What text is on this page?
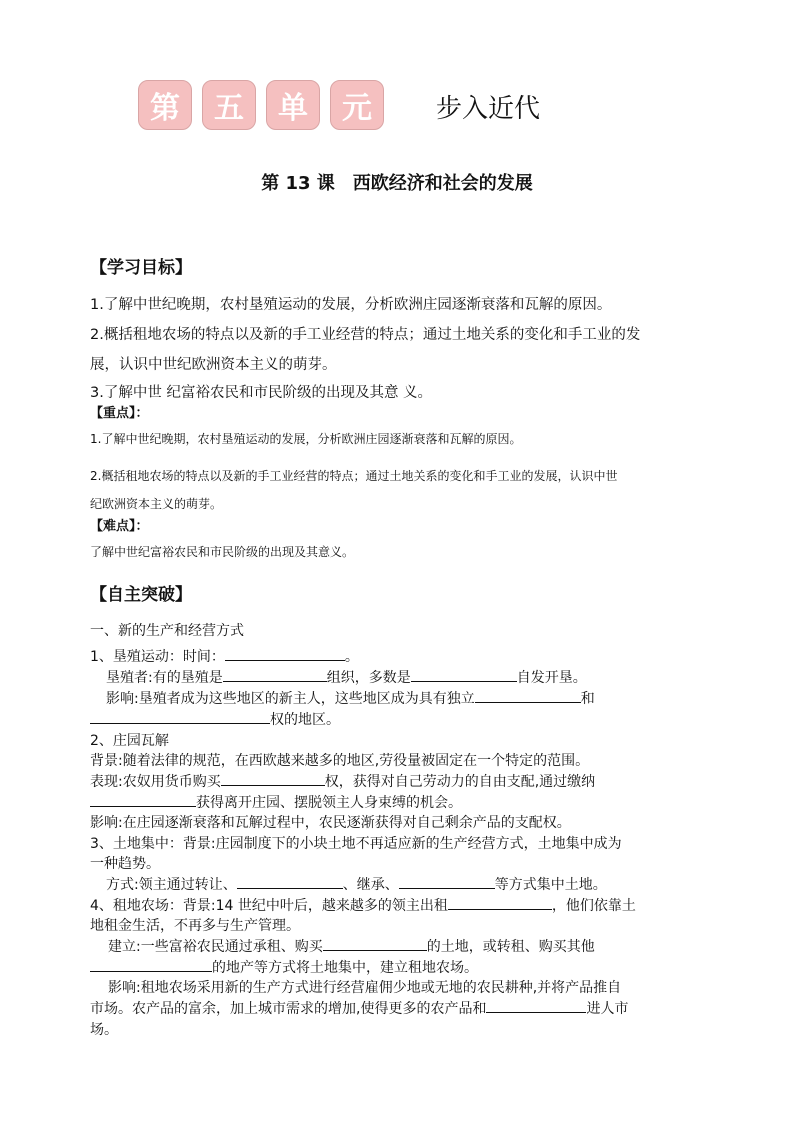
第 五 单 元 步入近代
第 13 课　西欧经济和社会的发展
【学习目标】
1.了解中世纪晚期，农村垦殖运动的发展，分析欧洲庄园逐渐衰落和瓦解的原因。
2.概括租地农场的特点以及新的手工业经营的特点；通过土地关系的变化和手工业的发
展，认识中世纪欧洲资本主义的萌芽。
3.了解中世 纪富裕农民和市民阶级的出现及其意 义。
【重点】：
1.了解中世纪晚期，农村垦殖运动的发展，分析欧洲庄园逐渐衰落和瓦解的原因。
2.概括租地农场的特点以及新的手工业经营的特点；通过土地关系的变化和手工业的发展，认识中世
纪欧洲资本主义的萌芽。
【难点】：
了解中世纪富裕农民和市民阶级的出现及其意义。
【自主突破】
一、新的生产和经营方式
1、垦殖运动：时间：	。
垦殖者:有的垦殖是	组织，多数是	自发开垦。
影响:垦殖者成为这些地区的新主人，这些地区成为具有独立	和
权的地区。
2、庄园瓦解
背景:随着法律的规范，在西欧越来越多的地区,劳役量被固定在一个特定的范围。
表现:农奴用货币购买	权，获得对自己劳动力的自由支配,通过缴纳
获得离开庄园、摆脱领主人身束缚的机会。
影响:在庄园逐渐衰落和瓦解过程中，农民逐渐获得对自己剩余产品的支配权。
3、土地集中：背景:庄园制度下的小块土地不再适应新的生产经营方式，土地集中成为
一种趋势。
方式:领主通过转让、	、继承、	等方式集中土地。
4、租地农场：背景:14 世纪中叶后，越来越多的领主出租	，他们依靠土
地租金生活，不再多与生产管理。
建立:一些富裕农民通过承租、购买	的土地，或转租、购买其他
的地产等方式将土地集中，建立租地农场。
影响:租地农场采用新的生产方式进行经营雇佣少地或无地的农民耕种,并将产品推自
市场。农产品的富余，加上城市需求的增加,使得更多的农产品和	进人市
场。
